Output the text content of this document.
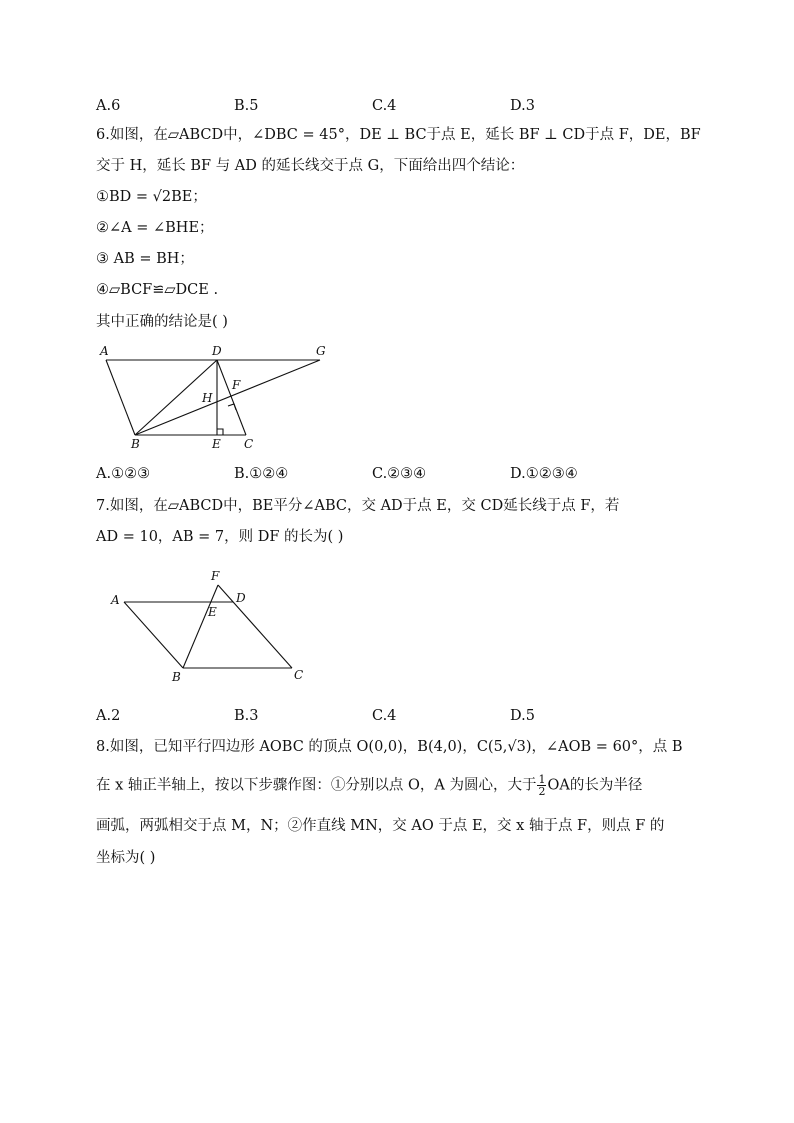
A.6	B.5	C.4	D.3
6.如图，在▱ABCD中，∠DBC = 45°，DE ⊥ BC于点 E，延长 BF ⊥ CD于点 F，DE，BF
交于 H，延长 BF 与 AD 的延长线交于点 G，下面给出四个结论：
①BD = √2BE；
②∠A = ∠BHE；
③ AB = BH；
④▱BCF≌▱DCE .
其中正确的结论是( )
A	D	G
H
F
B	E C
A.①②③	B.①②④	C.②③④	D.①②③④
7.如图，在▱ABCD中，BE平分∠ABC，交 AD于点 E，交 CD延长线于点 F，若
AD = 10，AB = 7，则 DF 的长为( )
F
A	D
E
B	C
A.2	B.3	C.4	D.5
8.如图，已知平行四边形 AOBC 的顶点 O(0,0)，B(4,0)，C(5,√3)，∠AOB = 60°，点 B
在 x 轴正半轴上，按以下步骤作图：①分别以点 O，A 为圆心，大于 $\frac{1}{2}$ OA的长为半径
画弧，两弧相交于点 M，N；②作直线 MN，交 AO 于点 E，交 x 轴于点 F，则点 F 的
坐标为( )
